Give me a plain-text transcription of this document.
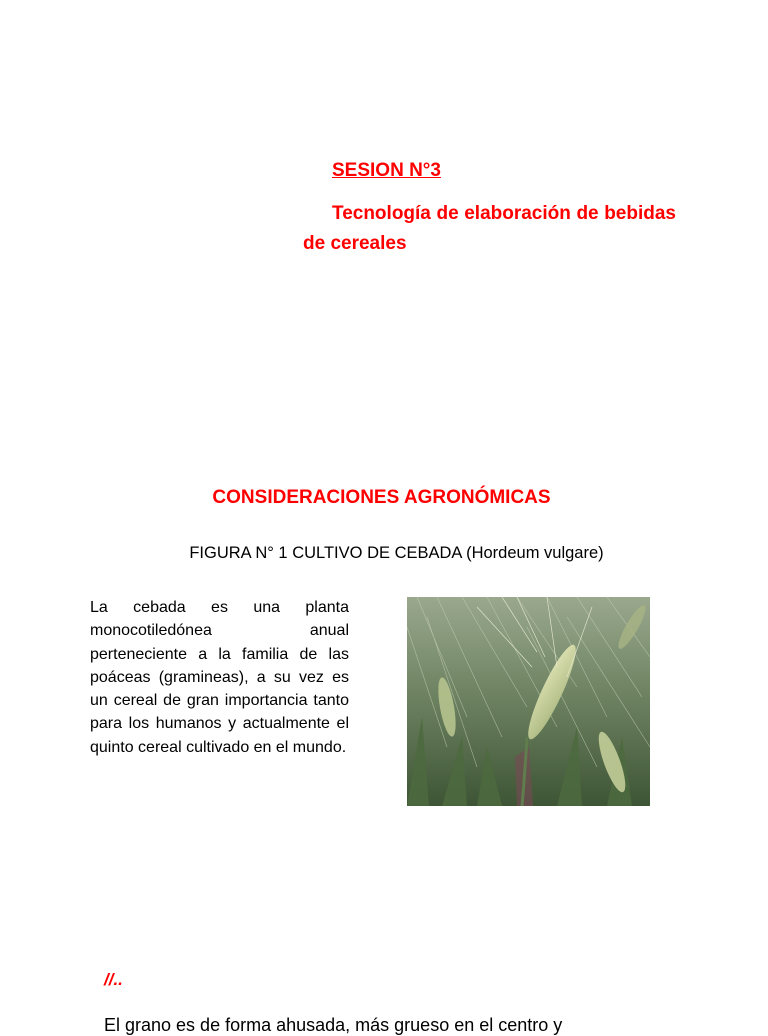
SESION N°3

Tecnología de elaboración de bebidas de cereales

CONSIDERACIONES AGRONÓMICAS

FIGURA N° 1 CULTIVO DE CEBADA (Hordeum vulgare)

La cebada es una planta monocotiledónea anual perteneciente a la familia de las poáceas (gramineas), a su vez es un cereal de gran importancia tanto para los humanos y actualmente el quinto cereal cultivado en el mundo.

//..

El grano es de forma ahusada, más grueso en el centro y
